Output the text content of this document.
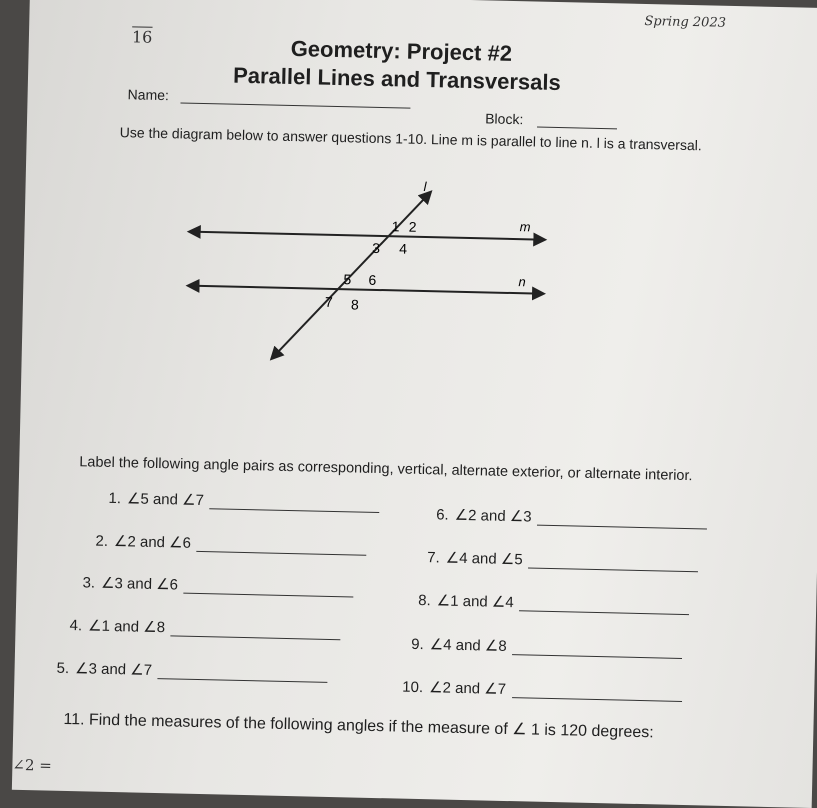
16
Spring 2023
Geometry: Project #2
Parallel Lines and Transversals
Name:
Block:
Use the diagram below to answer questions 1-10. Line m is parallel to line n. l is a transversal.
m
n
l
1 2
3 4
5 6
7 8
Label the following angle pairs as corresponding, vertical, alternate exterior, or alternate interior.
1. ∠5 and ∠7
2. ∠2 and ∠6
3. ∠3 and ∠6
4. ∠1 and ∠8
5. ∠3 and ∠7
6. ∠2 and ∠3
7. ∠4 and ∠5
8. ∠1 and ∠4
9. ∠4 and ∠8
10. ∠2 and ∠7
11. Find the measures of the following angles if the measure of ∠ 1 is 120 degrees:
∠2 =
